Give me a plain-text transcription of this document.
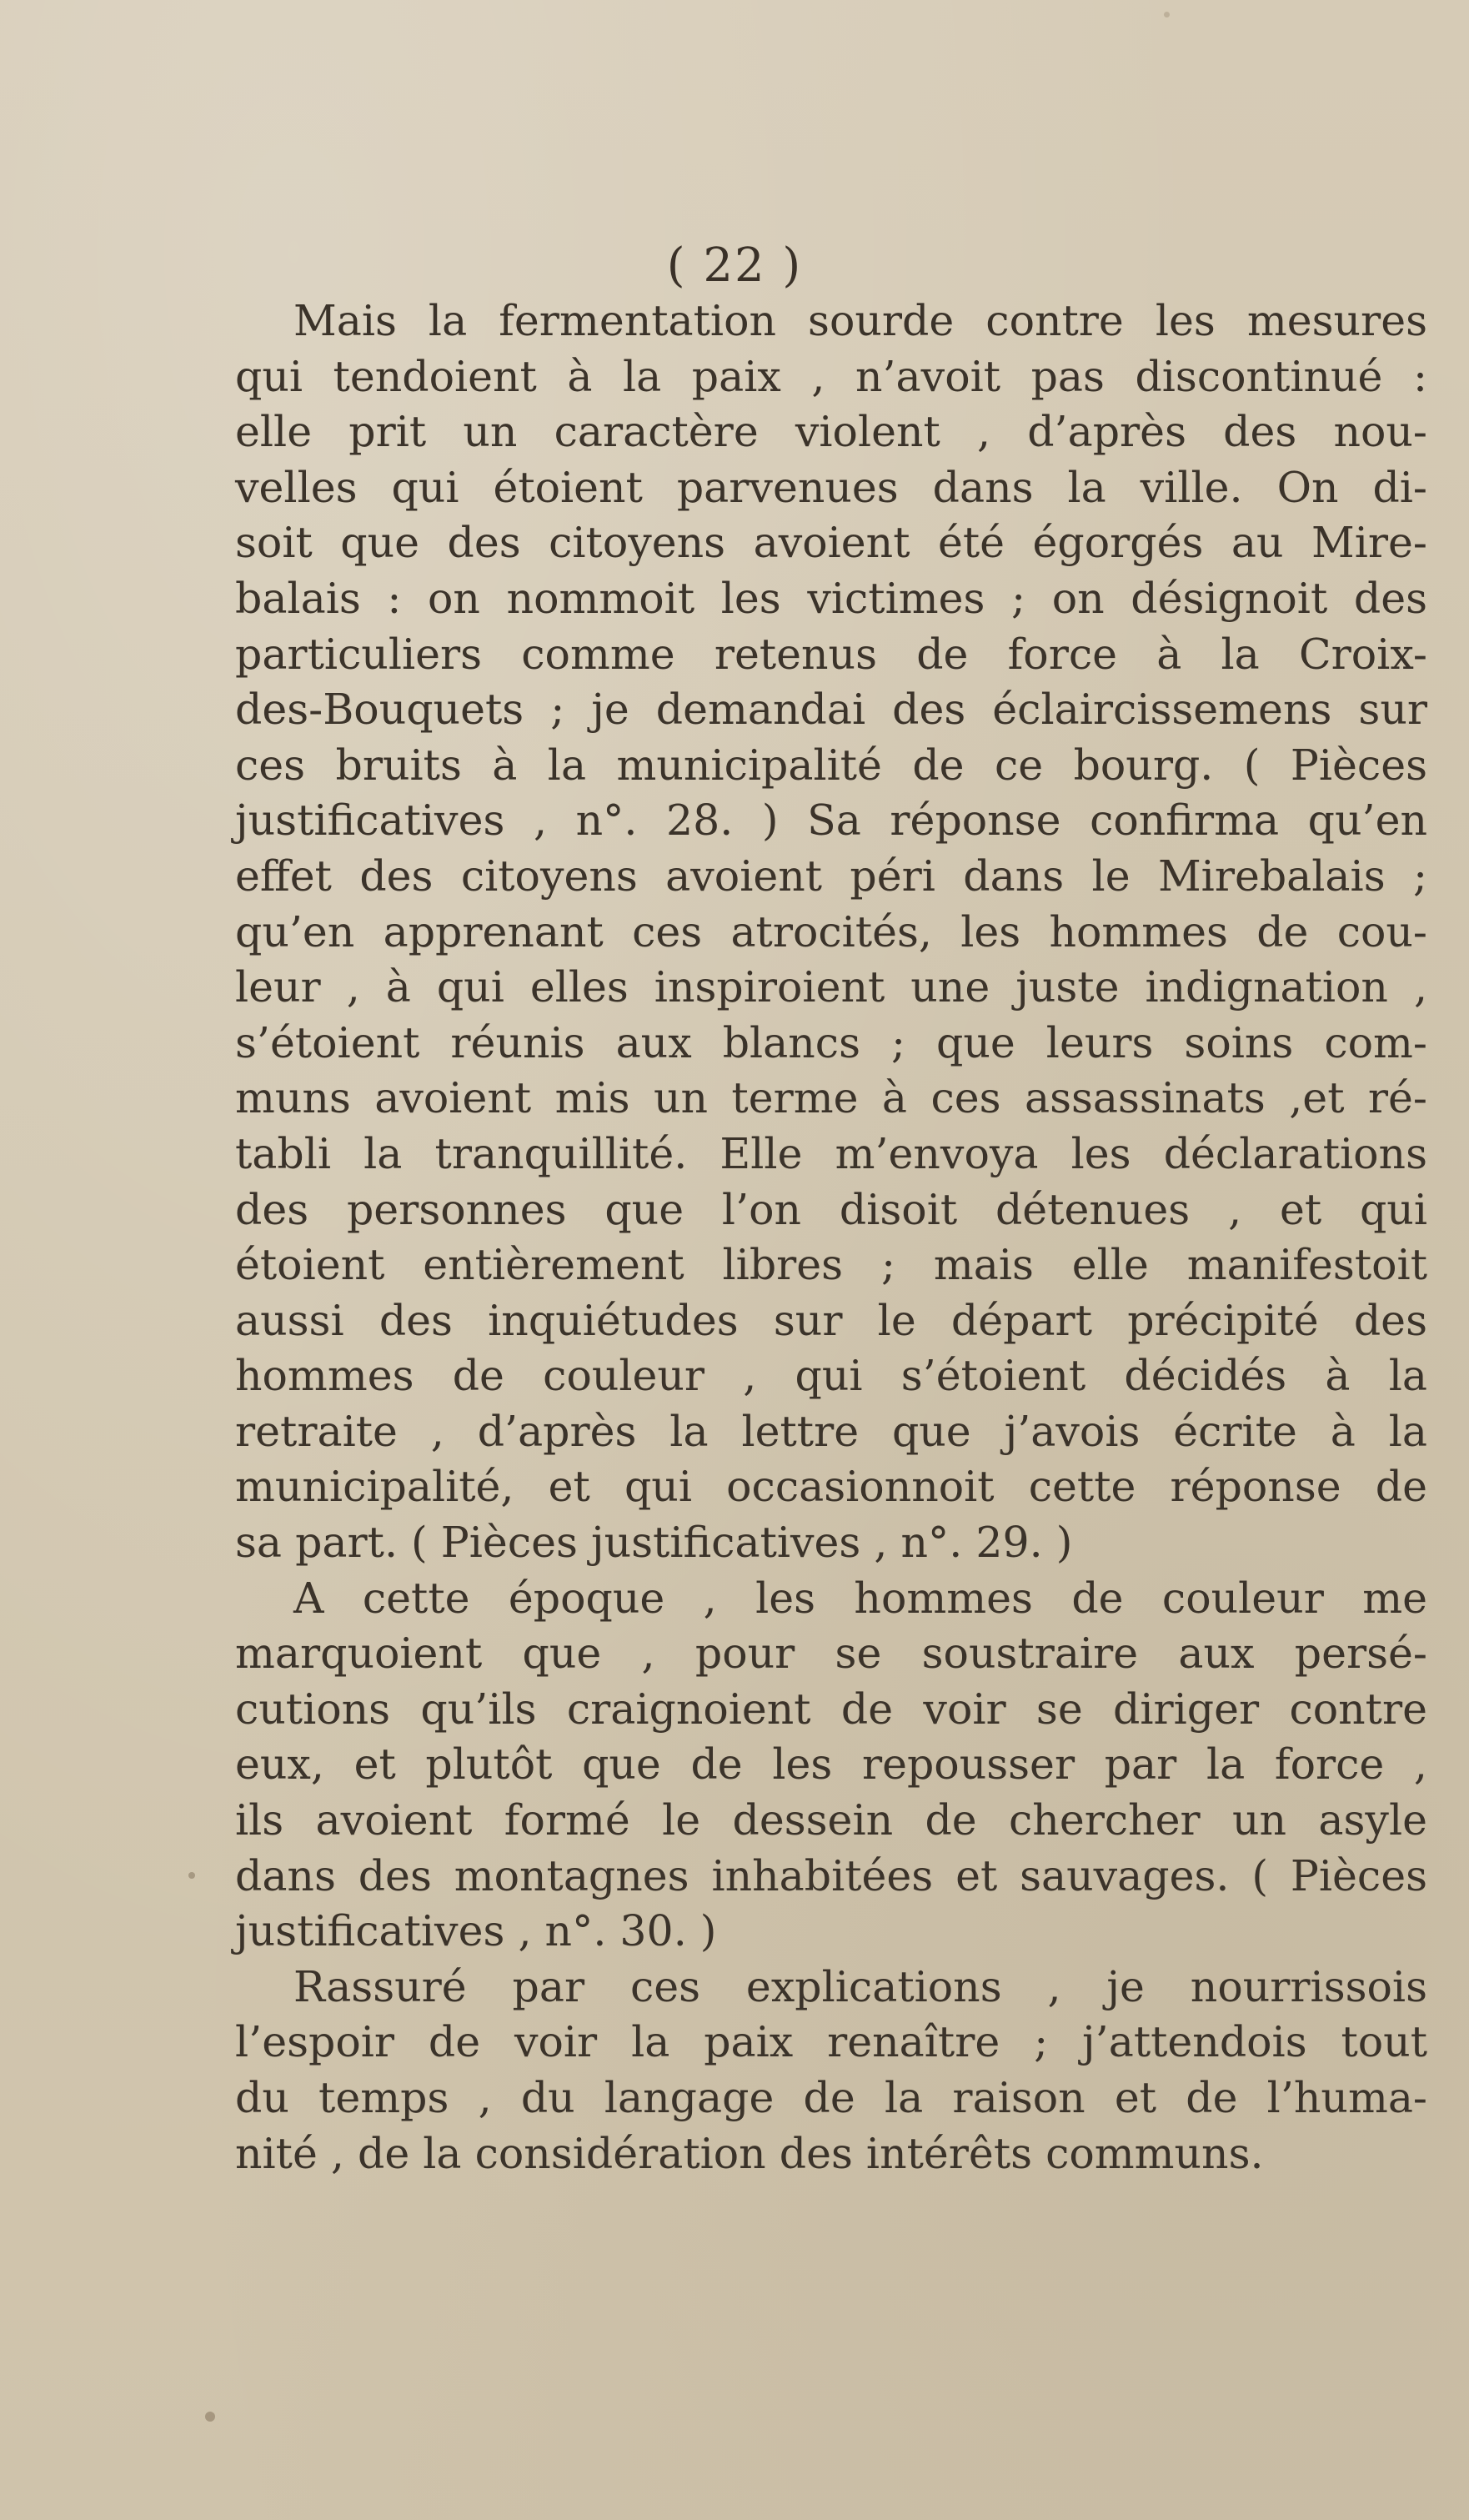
( 22 )
Mais la fermentation sourde contre les mesures
qui tendoient à la paix , n’avoit pas discontinué :
elle prit un caractère violent , d’après des nou-
velles qui étoient parvenues dans la ville. On di-
soit que des citoyens avoient été égorgés au Mire-
balais : on nommoit les victimes ; on désignoit des
particuliers comme retenus de force à la Croix-
des-Bouquets ; je demandai des éclaircissemens sur
ces bruits à la municipalité de ce bourg. ( Pièces
justificatives , n°. 28. ) Sa réponse confirma qu’en
effet des citoyens avoient péri dans le Mirebalais ;
qu’en apprenant ces atrocités, les hommes de cou-
leur , à qui elles inspiroient une juste indignation ,
s’étoient réunis aux blancs ; que leurs soins com-
muns avoient mis un terme à ces assassinats ,et ré-
tabli la tranquillité. Elle m’envoya les déclarations
des personnes que l’on disoit détenues , et qui
étoient entièrement libres ; mais elle manifestoit
aussi des inquiétudes sur le départ précipité des
hommes de couleur , qui s’étoient décidés à la
retraite , d’après la lettre que j’avois écrite à la
municipalité, et qui occasionnoit cette réponse de
sa part. ( Pièces justificatives , n°. 29. )
A cette époque , les hommes de couleur me
marquoient que , pour se soustraire aux persé-
cutions qu’ils craignoient de voir se diriger contre
eux, et plutôt que de les repousser par la force ,
ils avoient formé le dessein de chercher un asyle
dans des montagnes inhabitées et sauvages. ( Pièces
justificatives , n°. 30. )
Rassuré par ces explications , je nourrissois
l’espoir de voir la paix renaître ; j’attendois tout
du temps , du langage de la raison et de l’huma-
nité , de la considération des intérêts communs.
